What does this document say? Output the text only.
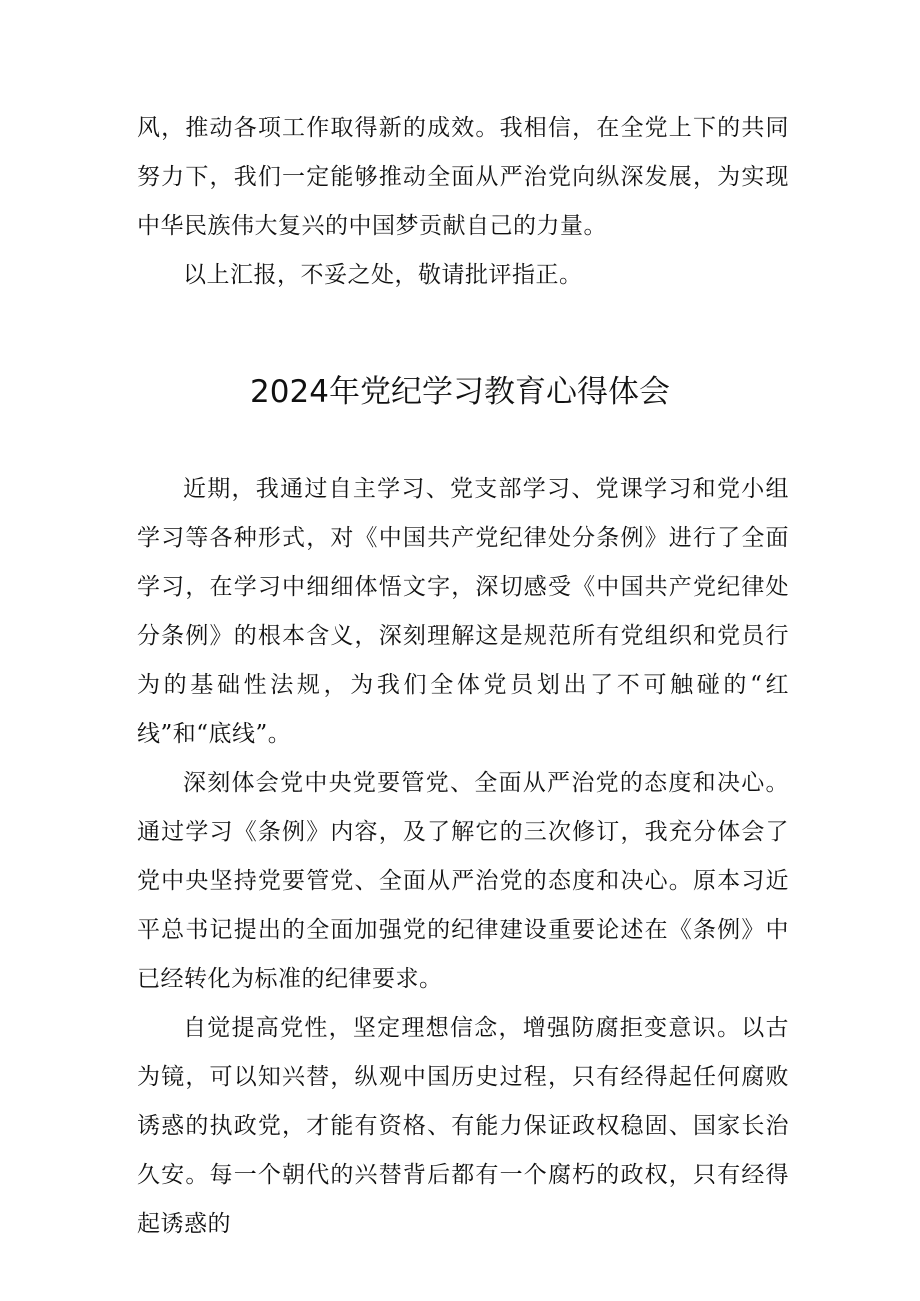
风，推动各项工作取得新的成效。我相信，在全党上下的共同努力下，我们一定能够推动全面从严治党向纵深发展，为实现中华民族伟大复兴的中国梦贡献自己的力量。

以上汇报，不妥之处，敬请批评指正。

2024年党纪学习教育心得体会

近期，我通过自主学习、党支部学习、党课学习和党小组学习等各种形式，对《中国共产党纪律处分条例》进行了全面学习，在学习中细细体悟文字，深切感受《中国共产党纪律处分条例》的根本含义，深刻理解这是规范所有党组织和党员行为的基础性法规，为我们全体党员划出了不可触碰的“红线”和“底线”。

深刻体会党中央党要管党、全面从严治党的态度和决心。通过学习《条例》内容，及了解它的三次修订，我充分体会了党中央坚持党要管党、全面从严治党的态度和决心。原本习近平总书记提出的全面加强党的纪律建设重要论述在《条例》中已经转化为标准的纪律要求。

自觉提高党性，坚定理想信念，增强防腐拒变意识。以古为镜，可以知兴替，纵观中国历史过程，只有经得起任何腐败诱惑的执政党，才能有资格、有能力保证政权稳固、国家长治久安。每一个朝代的兴替背后都有一个腐朽的政权，只有经得起诱惑的
